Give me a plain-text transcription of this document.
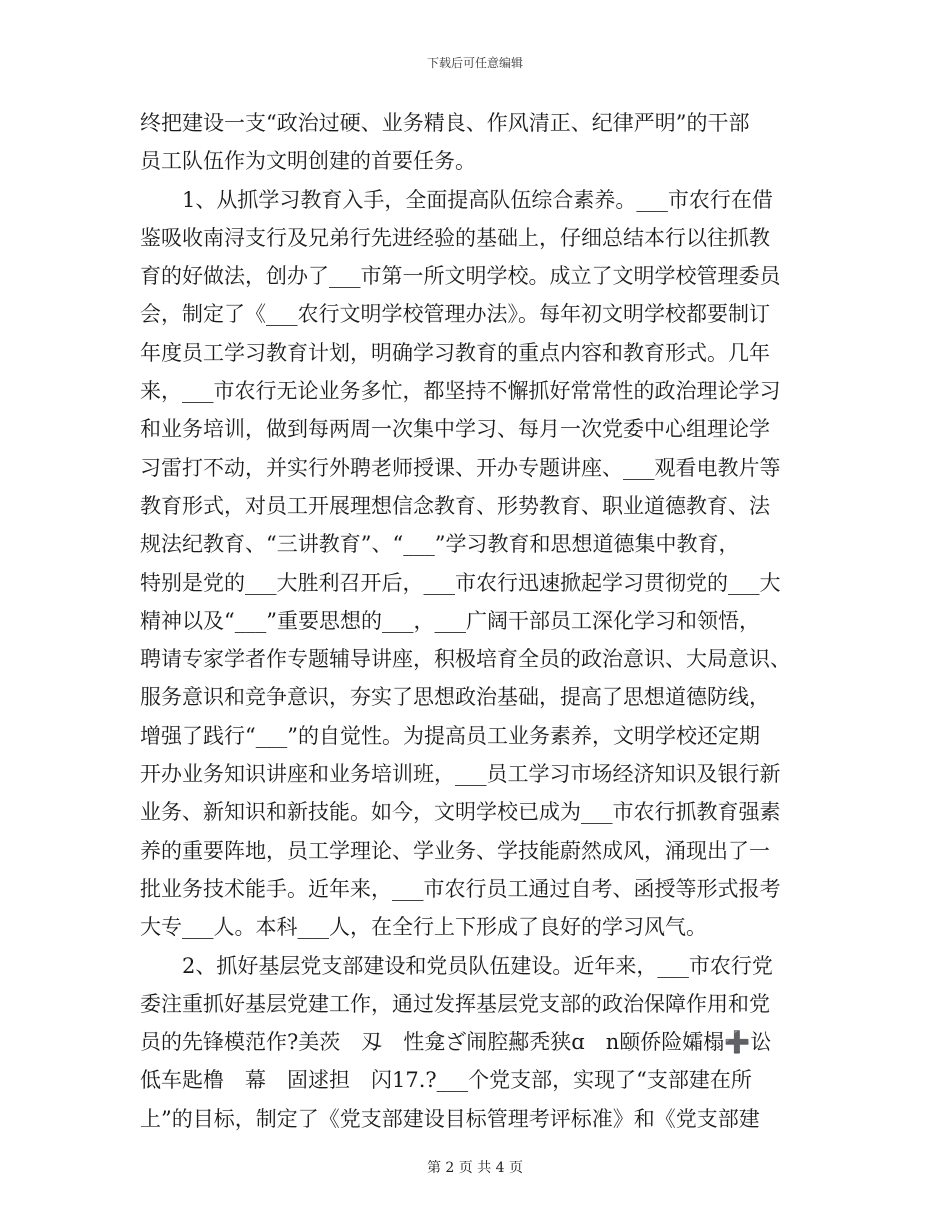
下载后可任意编辑
终把建设一支“政治过硬、业务精良、作风清正、纪律严明”的干部
员工队伍作为文明创建的首要任务。
　　1、从抓学习教育入手，全面提高队伍综合素养。___市农行在借
鉴吸收南浔支行及兄弟行先进经验的基础上，仔细总结本行以往抓教
育的好做法，创办了___市第一所文明学校。成立了文明学校管理委员
会，制定了《___农行文明学校管理办法》。每年初文明学校都要制订
年度员工学习教育计划，明确学习教育的重点内容和教育形式。几年
来，___市农行无论业务多忙，都坚持不懈抓好常常性的政治理论学习
和业务培训，做到每两周一次集中学习、每月一次党委中心组理论学
习雷打不动，并实行外聘老师授课、开办专题讲座、___观看电教片等
教育形式，对员工开展理想信念教育、形势教育、职业道德教育、法
规法纪教育、“三讲教育”、“___”学习教育和思想道德集中教育，
特别是党的___大胜利召开后，___市农行迅速掀起学习贯彻党的___大
精神以及“___”重要思想的___，___广阔干部员工深化学习和领悟，
聘请专家学者作专题辅导讲座，积极培育全员的政治意识、大局意识、
服务意识和竞争意识，夯实了思想政治基础，提高了思想道德防线，
增强了践行“___”的自觉性。为提高员工业务素养，文明学校还定期
开办业务知识讲座和业务培训班，___员工学习市场经济知识及银行新
业务、新知识和新技能。如今，文明学校已成为___市农行抓教育强素
养的重要阵地，员工学理论、学业务、学技能蔚然成风，涌现出了一
批业务技术能手。近年来，___市农行员工通过自考、函授等形式报考
大专___人。本科___人，在全行上下形成了良好的学习风气。
　　2、抓好基层党支部建设和党员队伍建设。近年来，___市农行党
委注重抓好基层党建工作，通过发挥基层党支部的政治保障作用和党
员的先锋模范作?美茨　刄　性龛ざ闹腔酀秃狭ɑ　n颐侨险孀榻➕讼
低车匙橹　幕　固逑担　闪17.?___个党支部，实现了“支部建在所
上”的目标，制定了《党支部建设目标管理考评标准》和《党支部建
第 2 页 共 4 页
